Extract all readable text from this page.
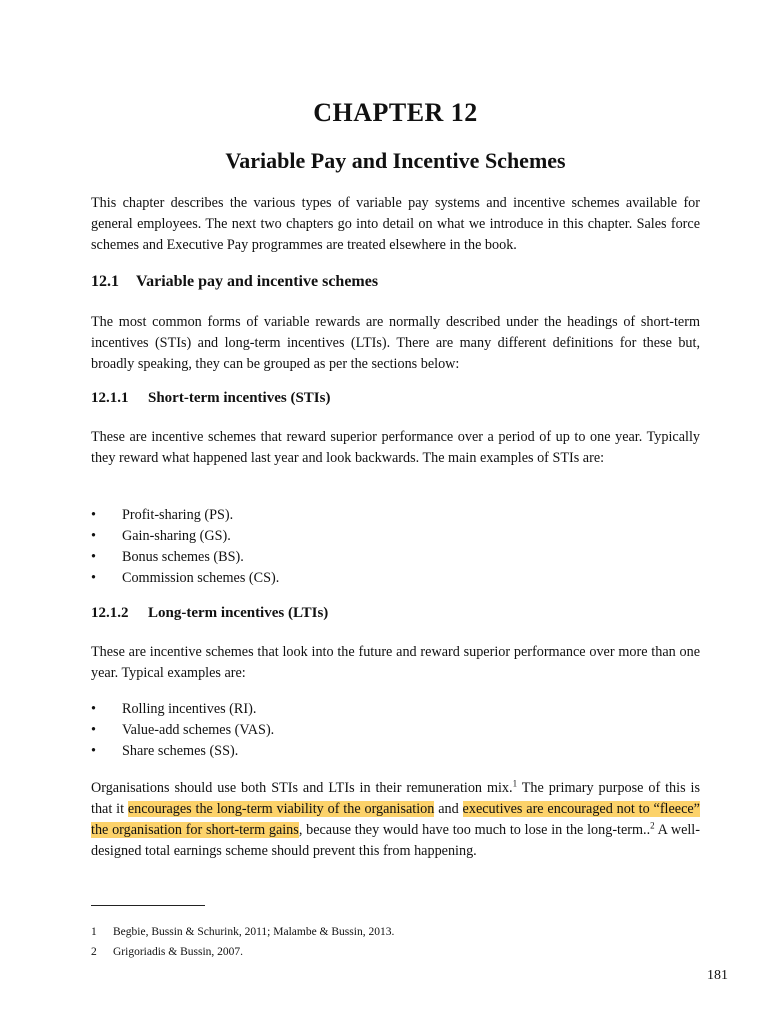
CHAPTER 12
Variable Pay and Incentive Schemes

This chapter describes the various types of variable pay systems and incentive schemes available for general employees. The next two chapters go into detail on what we introduce in this chapter. Sales force schemes and Executive Pay programmes are treated elsewhere in the book.

12.1 Variable pay and incentive schemes

The most common forms of variable rewards are normally described under the headings of short-term incentives (STIs) and long-term incentives (LTIs). There are many different definitions for these but, broadly speaking, they can be grouped as per the sections below:

12.1.1 Short-term incentives (STIs)

These are incentive schemes that reward superior performance over a period of up to one year. Typically they reward what happened last year and look backwards. The main examples of STIs are:

• Profit-sharing (PS).
• Gain-sharing (GS).
• Bonus schemes (BS).
• Commission schemes (CS).
12.1.2 Long-term incentives (LTIs)

These are incentive schemes that look into the future and reward superior performance over more than one year. Typical examples are:

• Rolling incentives (RI).
• Value-add schemes (VAS).
• Share schemes (SS).

Organisations should use both STIs and LTIs in their remuneration mix.$^1$ The primary purpose of this is that it encourages the long-term viability of the organisation and executives are encouraged not to “fleece” the organisation for short-term gains, because they would have too much to lose in the long-term..$^2$ A well-designed total earnings scheme should prevent this from happening.

1 Begbie, Bussin & Schurink, 2011; Malambe & Bussin, 2013.
2 Grigoriadis & Bussin, 2007.
181
